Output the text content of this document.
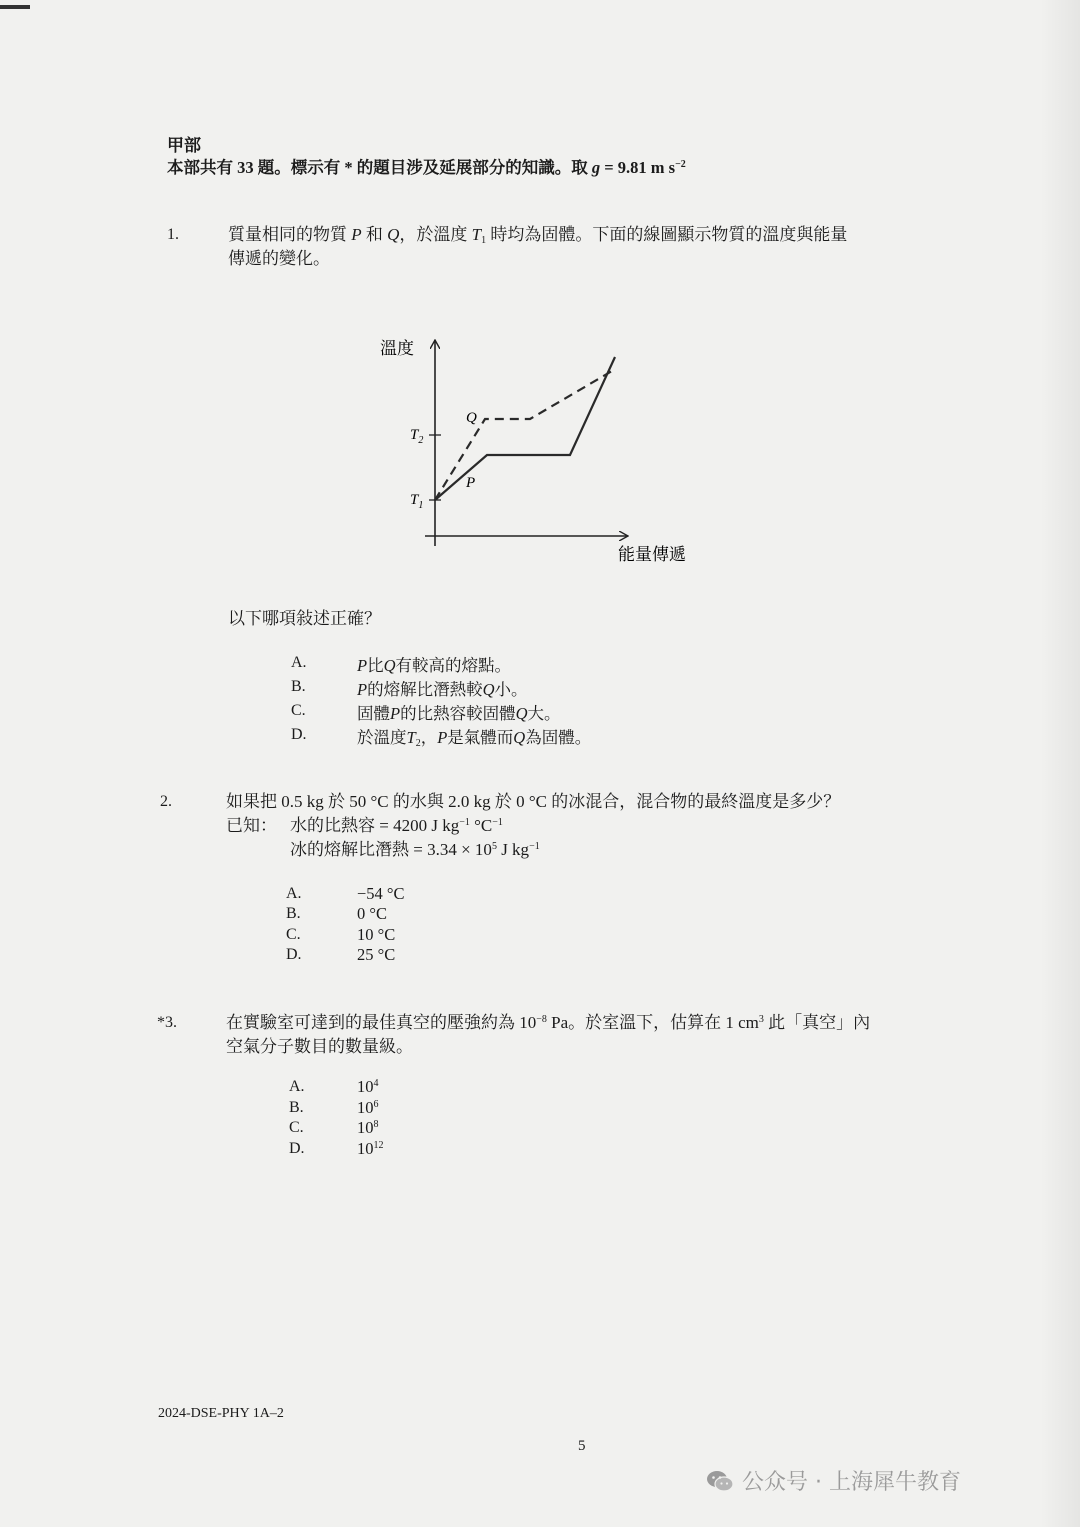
甲部
本部共有 33 題。標示有 * 的題目涉及延展部分的知識。取 g = 9.81 m $s^{-2}$
1.	質量相同的物質 P 和 Q，於溫度 $T_1$ 時均為固體。下面的線圖顯示物質的溫度與能量
傳遞的變化。
溫度
能量傳遞
$T_2$
$T_1$
Q
P
以下哪項敍述正確？
A.	P比Q有較高的熔點。
B.	P的熔解比潛熱較Q小。
C.	固體P的比熱容較固體Q大。
D.	於溫度$T_2$，P是氣體而Q為固體。
2.	如果把 0.5 kg 於 50 °C 的水與 2.0 kg 於 0 °C 的冰混合，混合物的最終溫度是多少？
已知： 水的比熱容 = 4200 J $kg^{-1}$ $^\circ C^{-1}$
冰的熔解比潛熱 = $3.34 \times 10^5$ J $kg^{-1}$
A.	−54 °C
B.	0 °C
C.	10 °C
D.	25 °C
*3.	在實驗室可達到的最佳真空的壓強約為 $10^{-8}$ Pa。於室溫下，估算在 1 $cm^3$ 此「真空」內
空氣分子數目的數量級。
A.	$10^4$
B.	$10^6$
C.	$10^8$
D.	$10^{12}$
2024-DSE-PHY 1A–2
5
公众号 · 上海犀牛教育
